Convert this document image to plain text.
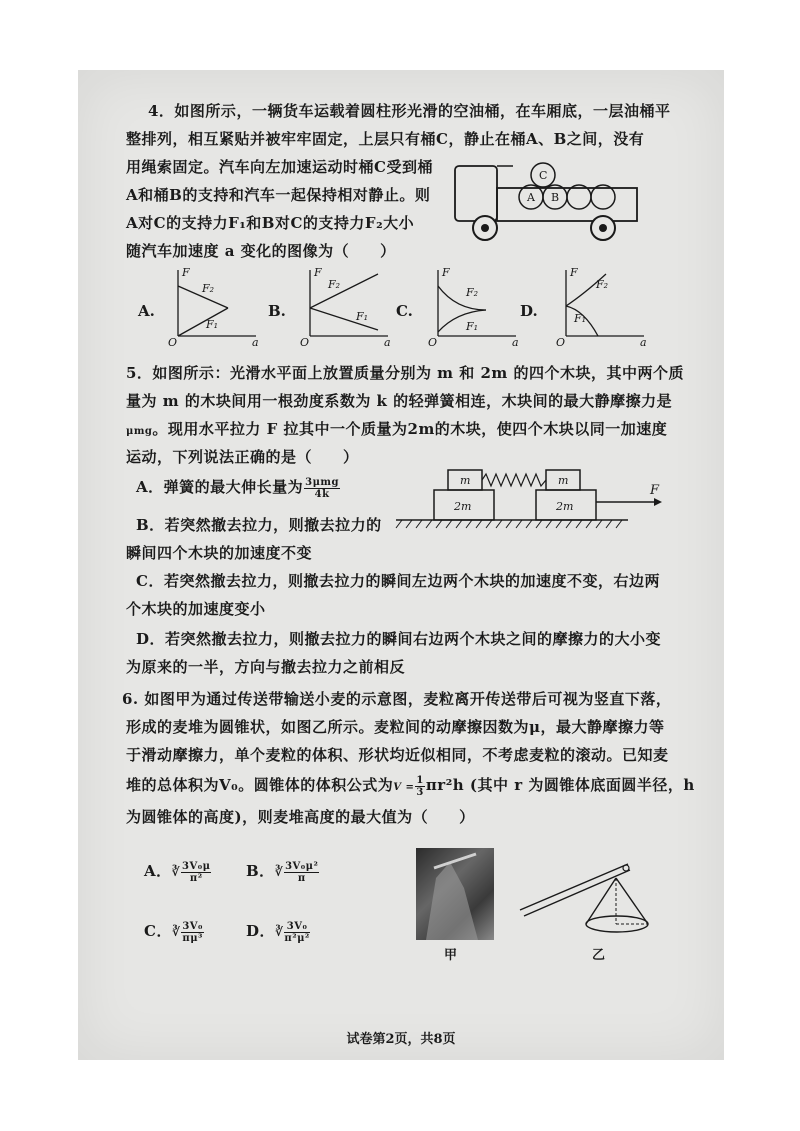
4．如图所示，一辆货车运载着圆柱形光滑的空油桶，在车厢底，一层油桶平
整排列，相互紧贴并被牢牢固定，上层只有桶C，静止在桶A、B之间，没有
用绳索固定。汽车向左加速运动时桶C受到桶
A和桶B的支持和汽车一起保持相对静止。则
A对C的支持力F₁和B对C的支持力F₂大小
随汽车加速度 a 变化的图像为（　　）
A B
C
A.
F
F₂
F₁
O	a
B.
F
F₂
F₁
O	a
C.
F
F₂
F₁
O	a
D.
F
F₂
F₁
O	a
5．如图所示：光滑水平面上放置质量分别为 m 和 2m 的四个木块，其中两个质
量为 m 的木块间用一根劲度系数为 k 的轻弹簧相连，木块间的最大静摩擦力是
μmg。现用水平拉力 F 拉其中一个质量为2m的木块，使四个木块以同一加速度
运动，下列说法正确的是（　　）
A．弹簧的最大伸长量为 $\frac{\text{3μmg}}{4k}$
B．若突然撤去拉力，则撤去拉力的
瞬间四个木块的加速度不变
C．若突然撤去拉力，则撤去拉力的瞬间左边两个木块的加速度不变，右边两
个木块的加速度变小
D．若突然撤去拉力，则撤去拉力的瞬间右边两个木块之间的摩擦力的大小变
为原来的一半，方向与撤去拉力之前相反
m	m
2m	2m
F
6. 如图甲为通过传送带输送小麦的示意图，麦粒离开传送带后可视为竖直下落，
形成的麦堆为圆锥状，如图乙所示。麦粒间的动摩擦因数为μ，最大静摩擦力等
于滑动摩擦力，单个麦粒的体积、形状均近似相同，不考虑麦粒的滚动。已知麦
堆的总体积为V₀。圆锥体的体积公式为$V = \frac{1}{3} \pi r^2h$ (其中 r 为圆锥体底面圆半径，h
为圆锥体的高度)，则麦堆高度的最大值为（　　）
A．∛ $\frac{\text{3V₀μ}}{\text{π²}}$ B．∛ $\frac{\text{3V₀μ²}}{\pi}$
C．∛ $\frac{\text{3V₀}}{\text{πμ³}}$	D．∛ $\frac{\text{3V₀}}{\text{π²μ²}}$
甲	乙
试卷第2页，共8页
